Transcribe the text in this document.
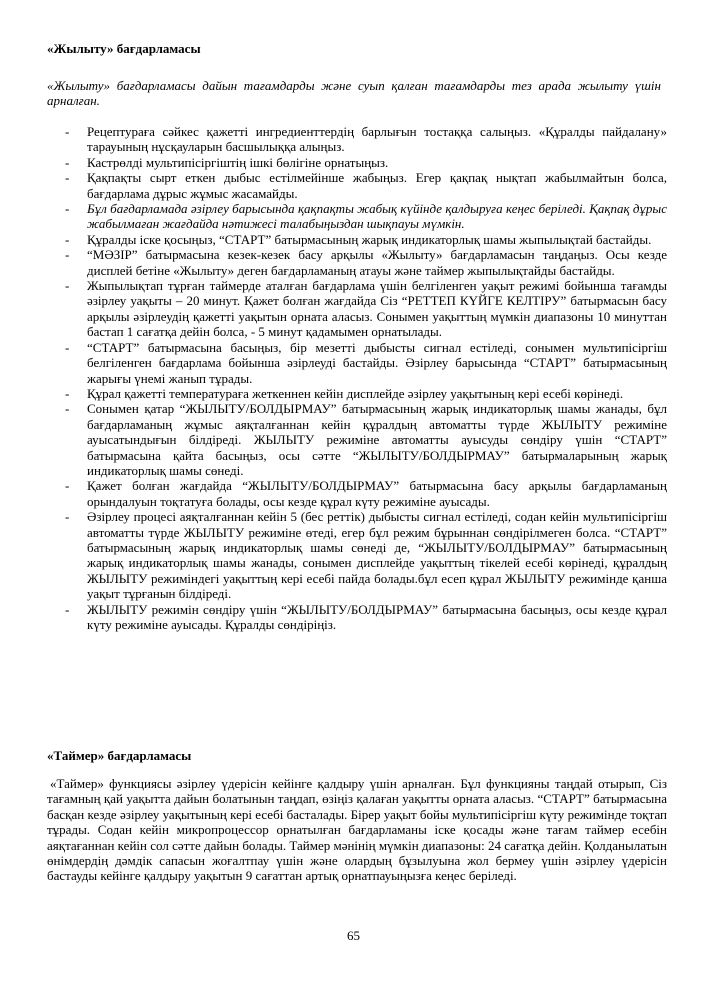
«Жылыту» бағдарламасы
«Жылыту» бағдарламасы дайын тағамдарды және суып қалған тағамдарды тез арада жылыту үшін арналған.
- Рецептураға сәйкес қажетті ингредиенттердің барлығын тостаққа салыңыз. «Құралды пайдалану» тарауының нұсқауларын басшылыққа алыңыз.
- Кастрөлді мультипісіргіштің ішкі бөлігіне орнатыңыз.
- Қақпақты сырт еткен дыбыс естілмейінше жабыңыз. Егер қақпақ нықтап жабылмайтын болса, бағдарлама дұрыс жұмыс жасамайды.
- Бұл бағдарламада әзірлеу барысында қақпақты жабық күйінде қалдыруға кеңес беріледі. Қақпақ дұрыс жабылмаған жағдайда нәтижесі талабыңыздан шықпауы мүмкін.
- Құралды іске қосыңыз, “СТАРТ” батырмасының жарық индикаторлық шамы жыпылықтай бастайды.
- “МӘЗІР” батырмасына кезек-кезек басу арқылы «Жылыту» бағдарламасын таңдаңыз. Осы кезде дисплей бетіне «Жылыту» деген бағдарламаның атауы және таймер жыпылықтайды бастайды.
- Жыпылықтап тұрған таймерде аталған бағдарлама үшін белгіленген уақыт режимі бойынша тағамды әзірлеу уақыты – 20 минут. Қажет болған жағдайда Сіз “РЕТТЕП КҮЙГЕ КЕЛТІРУ” батырмасын басу арқылы әзірлеудің қажетті уақытын орната алаcыз. Сонымен уақыттың мүмкін диапазоны 10 минуттан бастап 1 сағатқа дейін болса, - 5 минут қадамымен орнатылады.
- “СТАРТ” батырмасына басыңыз, бір мезетті дыбысты сигнал естіледі, сонымен мультипісіргіш белгіленген бағдарлама бойынша әзірлеуді бастайды. Әзірлеу барысында “СТАРТ” батырмасының жарығы үнемі жанып тұрады.
- Құрал қажетті температураға жеткеннен кейін дисплейде әзірлеу уақытының кері есебі көрінеді.
- Сонымен қатар “ЖЫЛЫТУ/БОЛДЫРМАУ” батырмасының жарық индикаторлық шамы жанады, бұл бағдарламаның жұмыс аяқталғаннан кейін құралдың автоматты түрде ЖЫЛЫТУ режиміне ауысатындығын білдіреді. ЖЫЛЫТУ режиміне автоматты ауысуды сөндіру үшін “СТАРТ” батырмасына қайта басыңыз, осы сәтте “ЖЫЛЫТУ/БОЛДЫРМАУ” батырмаларының жарық индикаторлық шамы сөнеді.
- Қажет болған жағдайда “ЖЫЛЫТУ/БОЛДЫРМАУ” батырмасына басу арқылы бағдарламаның орындалуын тоқтатуға болады, осы кезде құрал күту режиміне ауысады.
- Әзірлеу процесі аяқталғаннан кейін 5 (бес реттік) дыбысты сигнал естіледі, содан кейін мультипісіргіш автоматты түрде ЖЫЛЫТУ режиміне өтеді, егер бұл режим бұрыннан сөндірілмеген болса. “СТАРТ” батырмасының жарық индикаторлық шамы сөнеді де, “ЖЫЛЫТУ/БОЛДЫРМАУ” батырмасының жарық индикаторлық шамы жанады, сонымен дисплейде уақыттың тікелей есебі көрінеді, құралдың ЖЫЛЫТУ режиміндегі уақыттың кері есебі пайда болады.бұл есеп құрал ЖЫЛЫТУ режимінде қанша уақыт тұрғанын білдіреді.
- ЖЫЛЫТУ режимін сөндіру үшін “ЖЫЛЫТУ/БОЛДЫРМАУ” батырмасына басыңыз, осы кезде құрал күту режиміне ауысады. Құралды сөндіріңіз.
«Таймер» бағдарламасы
«Таймер» функциясы әзірлеу үдерісін кейінге қалдыру үшін арналған. Бұл функцияны таңдай отырып, Сіз тағамның қай уақытта дайын болатынын таңдап, өзіңіз қалаған уақытты орната аласыз. “СТАРТ” батырмасына басқан кезде әзірлеу уақытының кері есебі басталады. Бірер уақыт бойы мультипісіргіш күту режимінде тоқтап тұрады. Содан кейін микропроцессор орнатылған бағдарламаны іске қосады және тағам таймер есебін аяқтағаннан кейін сол сәтте дайын болады. Таймер мәнінің мүмкін диапазоны: 24 сағатқа дейін. Қолданылатын өнімдердің дәмдік сапасын жоғалтпау үшін және олардың бұзылуына жол бермеу үшін әзірлеу үдерісін бастауды кейінге қалдыру уақытын 9 сағаттан артық орнатпауыңызға кеңес беріледі.
65
